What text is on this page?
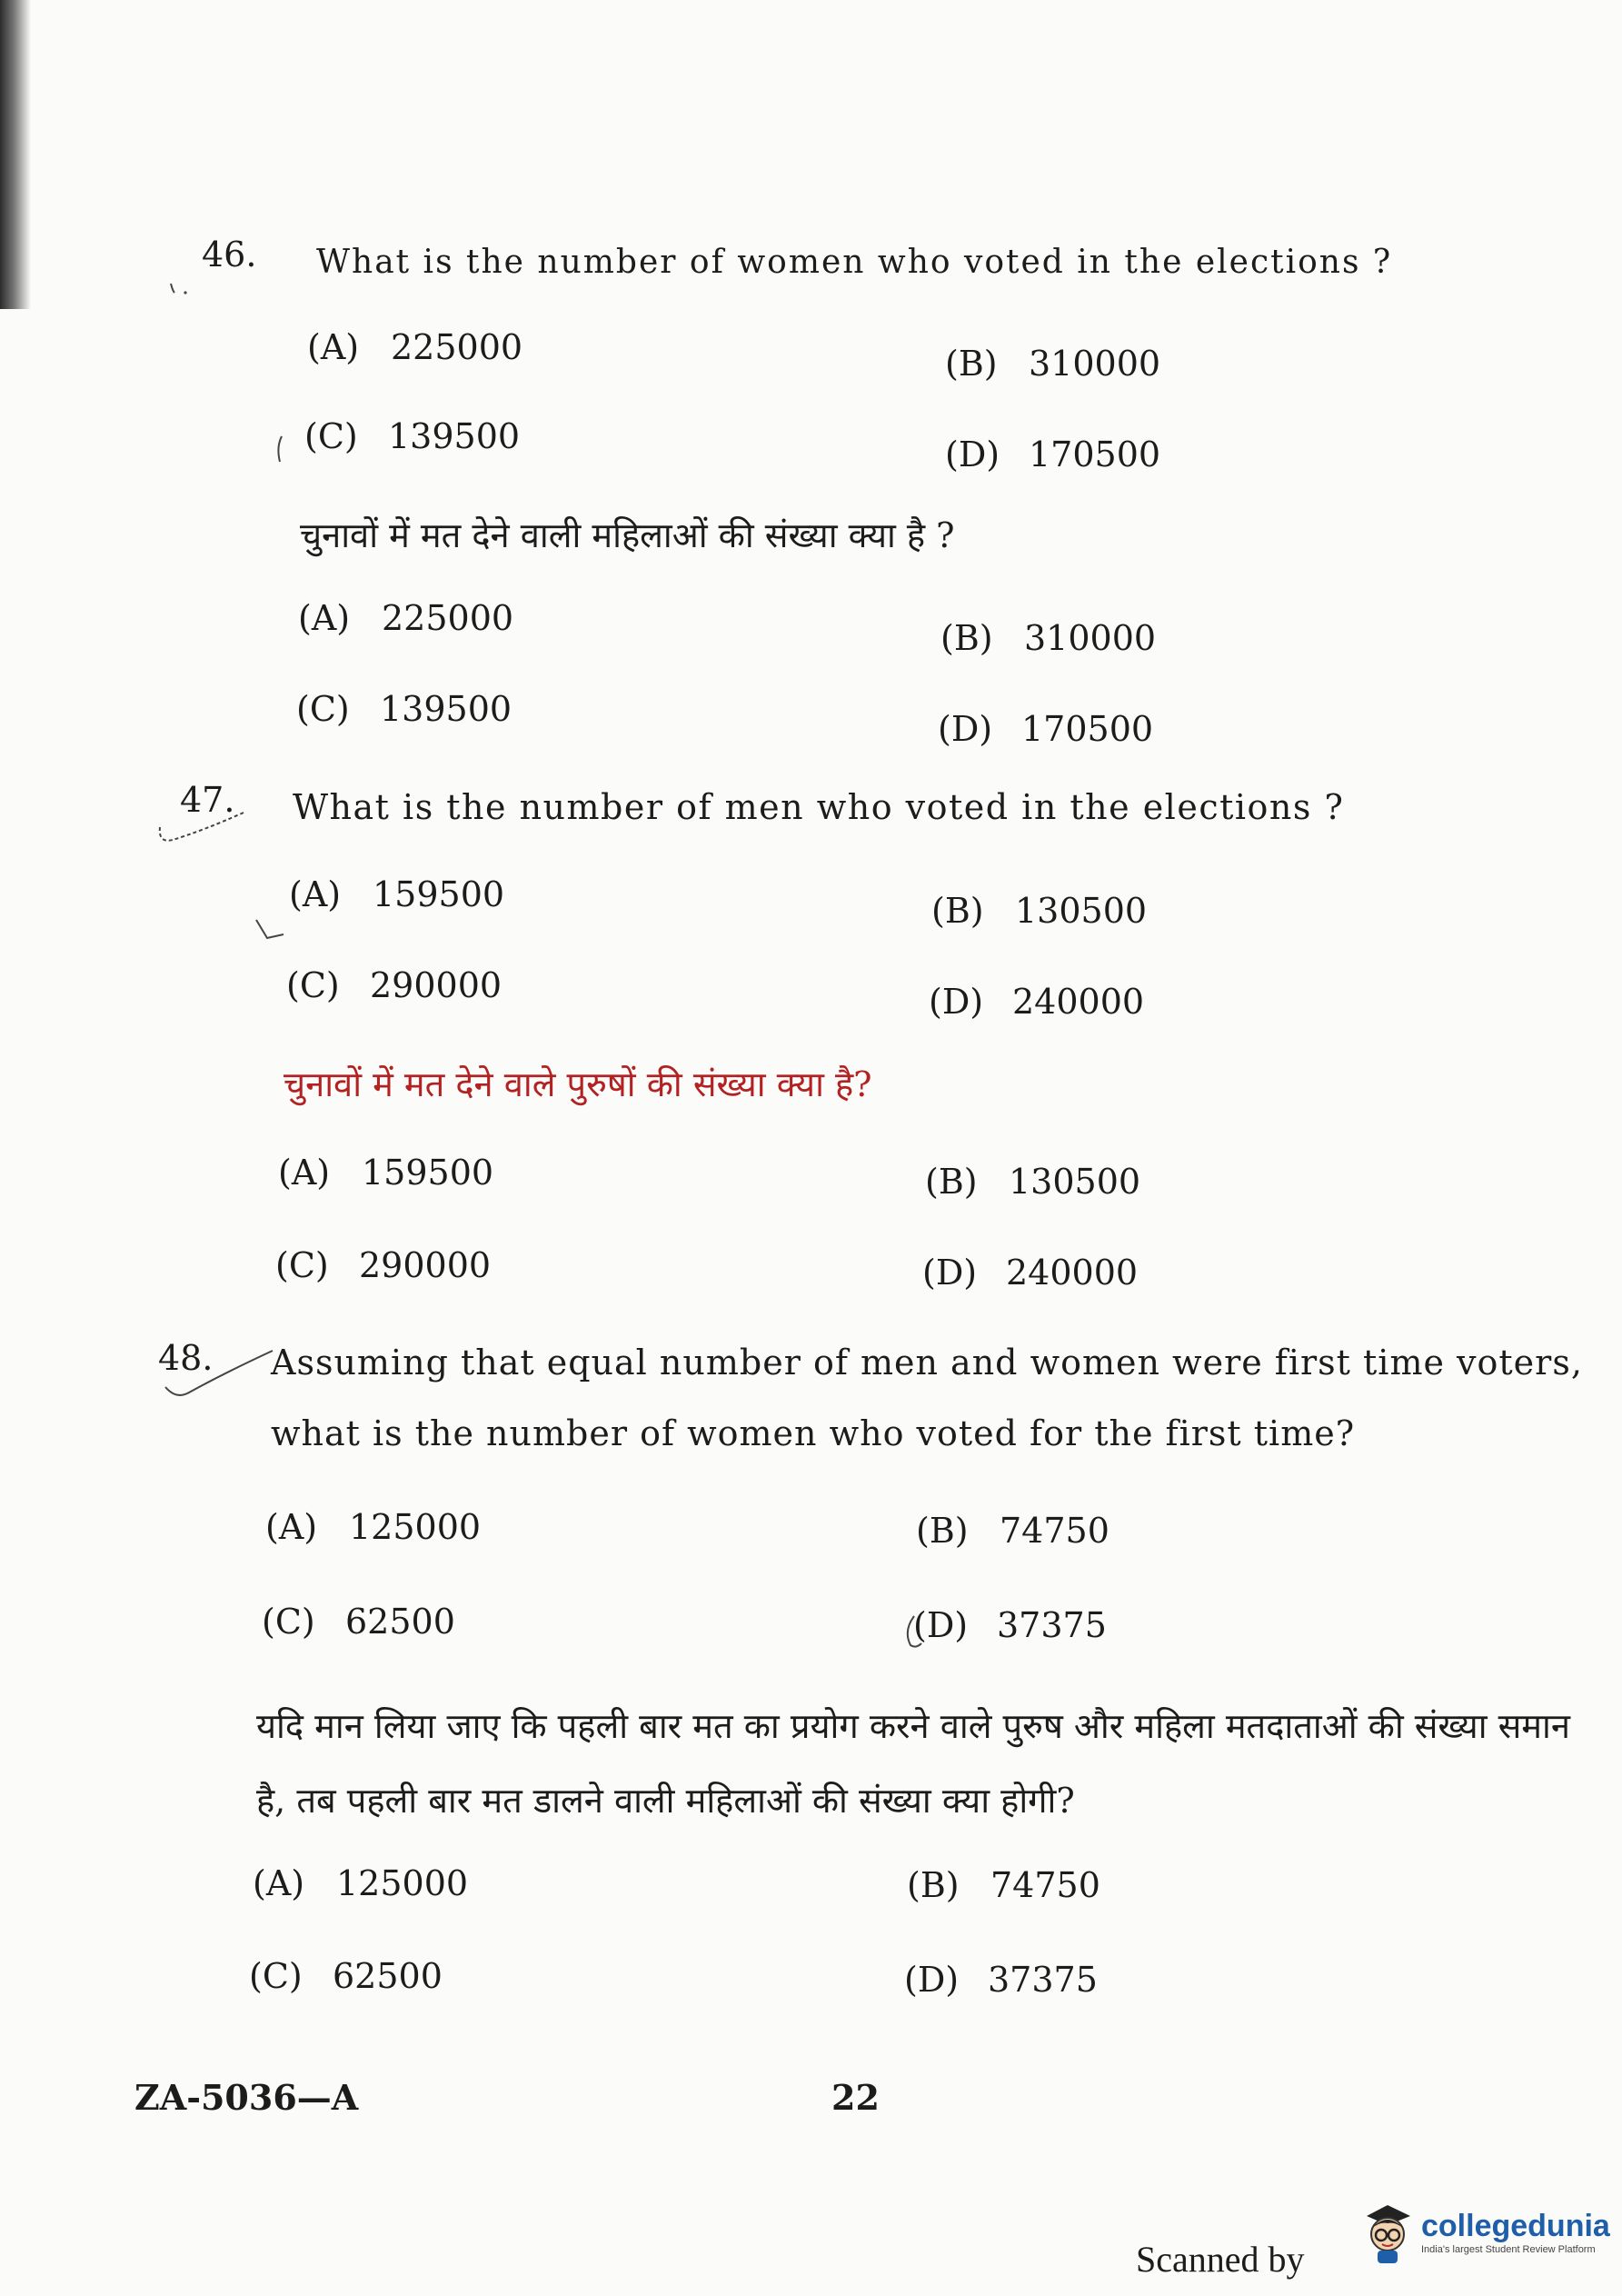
46. What is the number of women who voted in the elections ?
(A) 225000	(B) 310000
(C) 139500	(D) 170500
चुनावों में मत देने वाली महिलाओं की संख्या क्या है ?
(A) 225000	(B) 310000
(C) 139500	(D) 170500
47. What is the number of men who voted in the elections ?
(A) 159500	(B) 130500
(C) 290000	(D) 240000
चुनावों में मत देने वाले पुरुषों की संख्या क्या है?
(A) 159500	(B) 130500
(C) 290000	(D) 240000
48. Assuming that equal number of men and women were first time voters, what is the number of women who voted for the first time?
(A) 125000	(B) 74750
(C) 62500	(D) 37375
यदि मान लिया जाए कि पहली बार मत का प्रयोग करने वाले पुरुष और महिला मतदाताओं की संख्या समान है, तब पहली बार मत डालने वाली महिलाओं की संख्या क्या होगी?
(A) 125000	(B) 74750
(C) 62500	(D) 37375
ZA-5036—A	22
Scanned by
collegedunia
India's largest Student Review Platform
